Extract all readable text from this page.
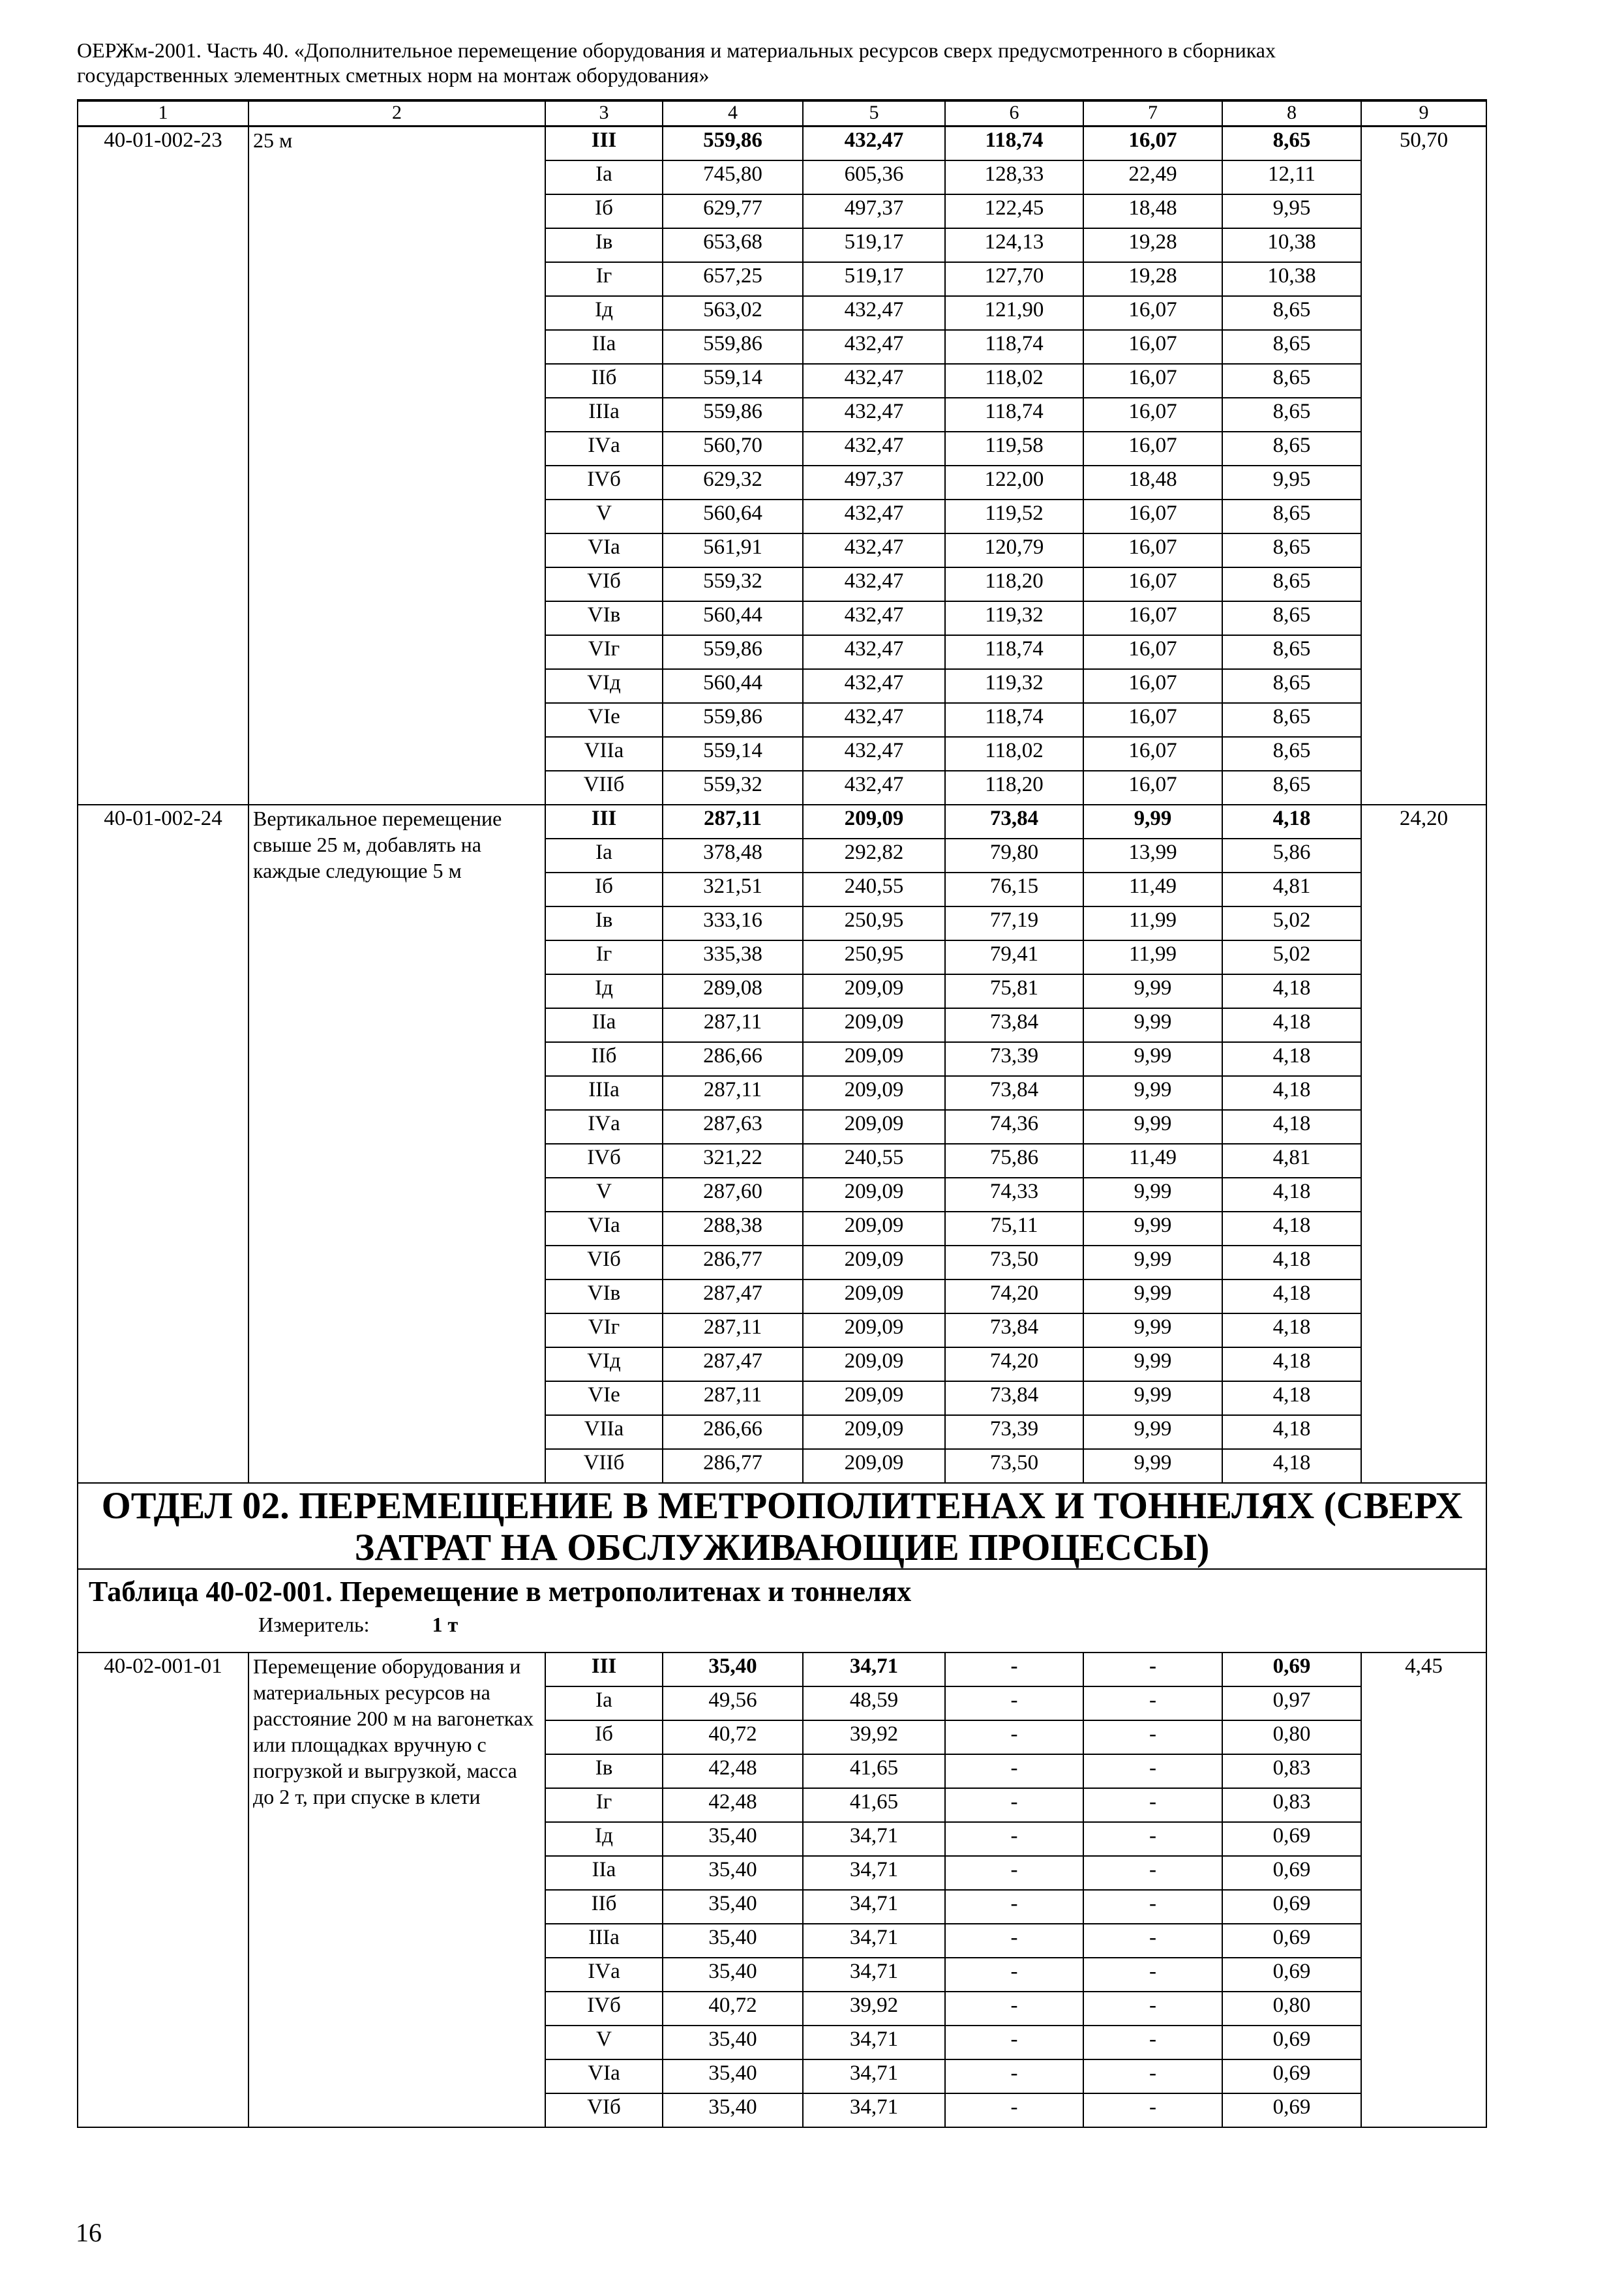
ОЕРЖм-2001. Часть 40. «Дополнительное перемещение оборудования и материальных ресурсов сверх предусмотренного в сборниках
государственных элементных сметных норм на монтаж оборудования»
1	2	3	4	5	6	7	8	9
40-01-002-23	25 м	III	559,86	432,47	118,74	16,07	8,65	50,70
		Iа	745,80	605,36	128,33	22,49	12,11	
		Iб	629,77	497,37	122,45	18,48	9,95	
		Iв	653,68	519,17	124,13	19,28	10,38	
		Iг	657,25	519,17	127,70	19,28	10,38	
		Iд	563,02	432,47	121,90	16,07	8,65	
		IIа	559,86	432,47	118,74	16,07	8,65	
		IIб	559,14	432,47	118,02	16,07	8,65	
		IIIа	559,86	432,47	118,74	16,07	8,65	
		IVа	560,70	432,47	119,58	16,07	8,65	
		IVб	629,32	497,37	122,00	18,48	9,95	
		V	560,64	432,47	119,52	16,07	8,65	
		VIа	561,91	432,47	120,79	16,07	8,65	
		VIб	559,32	432,47	118,20	16,07	8,65	
		VIв	560,44	432,47	119,32	16,07	8,65	
		VIг	559,86	432,47	118,74	16,07	8,65	
		VIд	560,44	432,47	119,32	16,07	8,65	
		VIе	559,86	432,47	118,74	16,07	8,65	
		VIIа	559,14	432,47	118,02	16,07	8,65	
		VIIб	559,32	432,47	118,20	16,07	8,65	
40-01-002-24	Вертикальное перемещение свыше 25 м, добавлять на каждые следующие 5 м	III	287,11	209,09	73,84	9,99	4,18	24,20
		Iа	378,48	292,82	79,80	13,99	5,86	
		Iб	321,51	240,55	76,15	11,49	4,81	
		Iв	333,16	250,95	77,19	11,99	5,02	
		Iг	335,38	250,95	79,41	11,99	5,02	
		Iд	289,08	209,09	75,81	9,99	4,18	
		IIа	287,11	209,09	73,84	9,99	4,18	
		IIб	286,66	209,09	73,39	9,99	4,18	
		IIIа	287,11	209,09	73,84	9,99	4,18	
		IVа	287,63	209,09	74,36	9,99	4,18	
		IVб	321,22	240,55	75,86	11,49	4,81	
		V	287,60	209,09	74,33	9,99	4,18	
		VIа	288,38	209,09	75,11	9,99	4,18	
		VIб	286,77	209,09	73,50	9,99	4,18	
		VIв	287,47	209,09	74,20	9,99	4,18	
		VIг	287,11	209,09	73,84	9,99	4,18	
		VIд	287,47	209,09	74,20	9,99	4,18	
		VIе	287,11	209,09	73,84	9,99	4,18	
		VIIа	286,66	209,09	73,39	9,99	4,18	
		VIIб	286,77	209,09	73,50	9,99	4,18	
ОТДЕЛ 02. ПЕРЕМЕЩЕНИЕ В МЕТРОПОЛИТЕНАХ И ТОННЕЛЯХ (СВЕРХ ЗАТРАТ НА ОБСЛУЖИВАЮЩИЕ ПРОЦЕССЫ)								

Таблица 40-02-001. Перемещение в метрополитенах и тоннелях
Измеритель: 1 т								

40-02-001-01	Перемещение оборудования и материальных ресурсов на расстояние 200 м на вагонетках или площадках вручную с погрузкой и выгрузкой, масса до 2 т, при спуске в клети	III	35,40	34,71	-	-	0,69	4,45
		Iа	49,56	48,59	-	-	0,97	
		Iб	40,72	39,92	-	-	0,80	
		Iв	42,48	41,65	-	-	0,83	
		Iг	42,48	41,65	-	-	0,83	
		Iд	35,40	34,71	-	-	0,69	
		IIа	35,40	34,71	-	-	0,69	
		IIб	35,40	34,71	-	-	0,69	
		IIIа	35,40	34,71	-	-	0,69	
		IVа	35,40	34,71	-	-	0,69	
		IVб	40,72	39,92	-	-	0,80	
		V	35,40	34,71	-	-	0,69	
		VIа	35,40	34,71	-	-	0,69	
		VIб	35,40	34,71	-	-	0,69	
16
